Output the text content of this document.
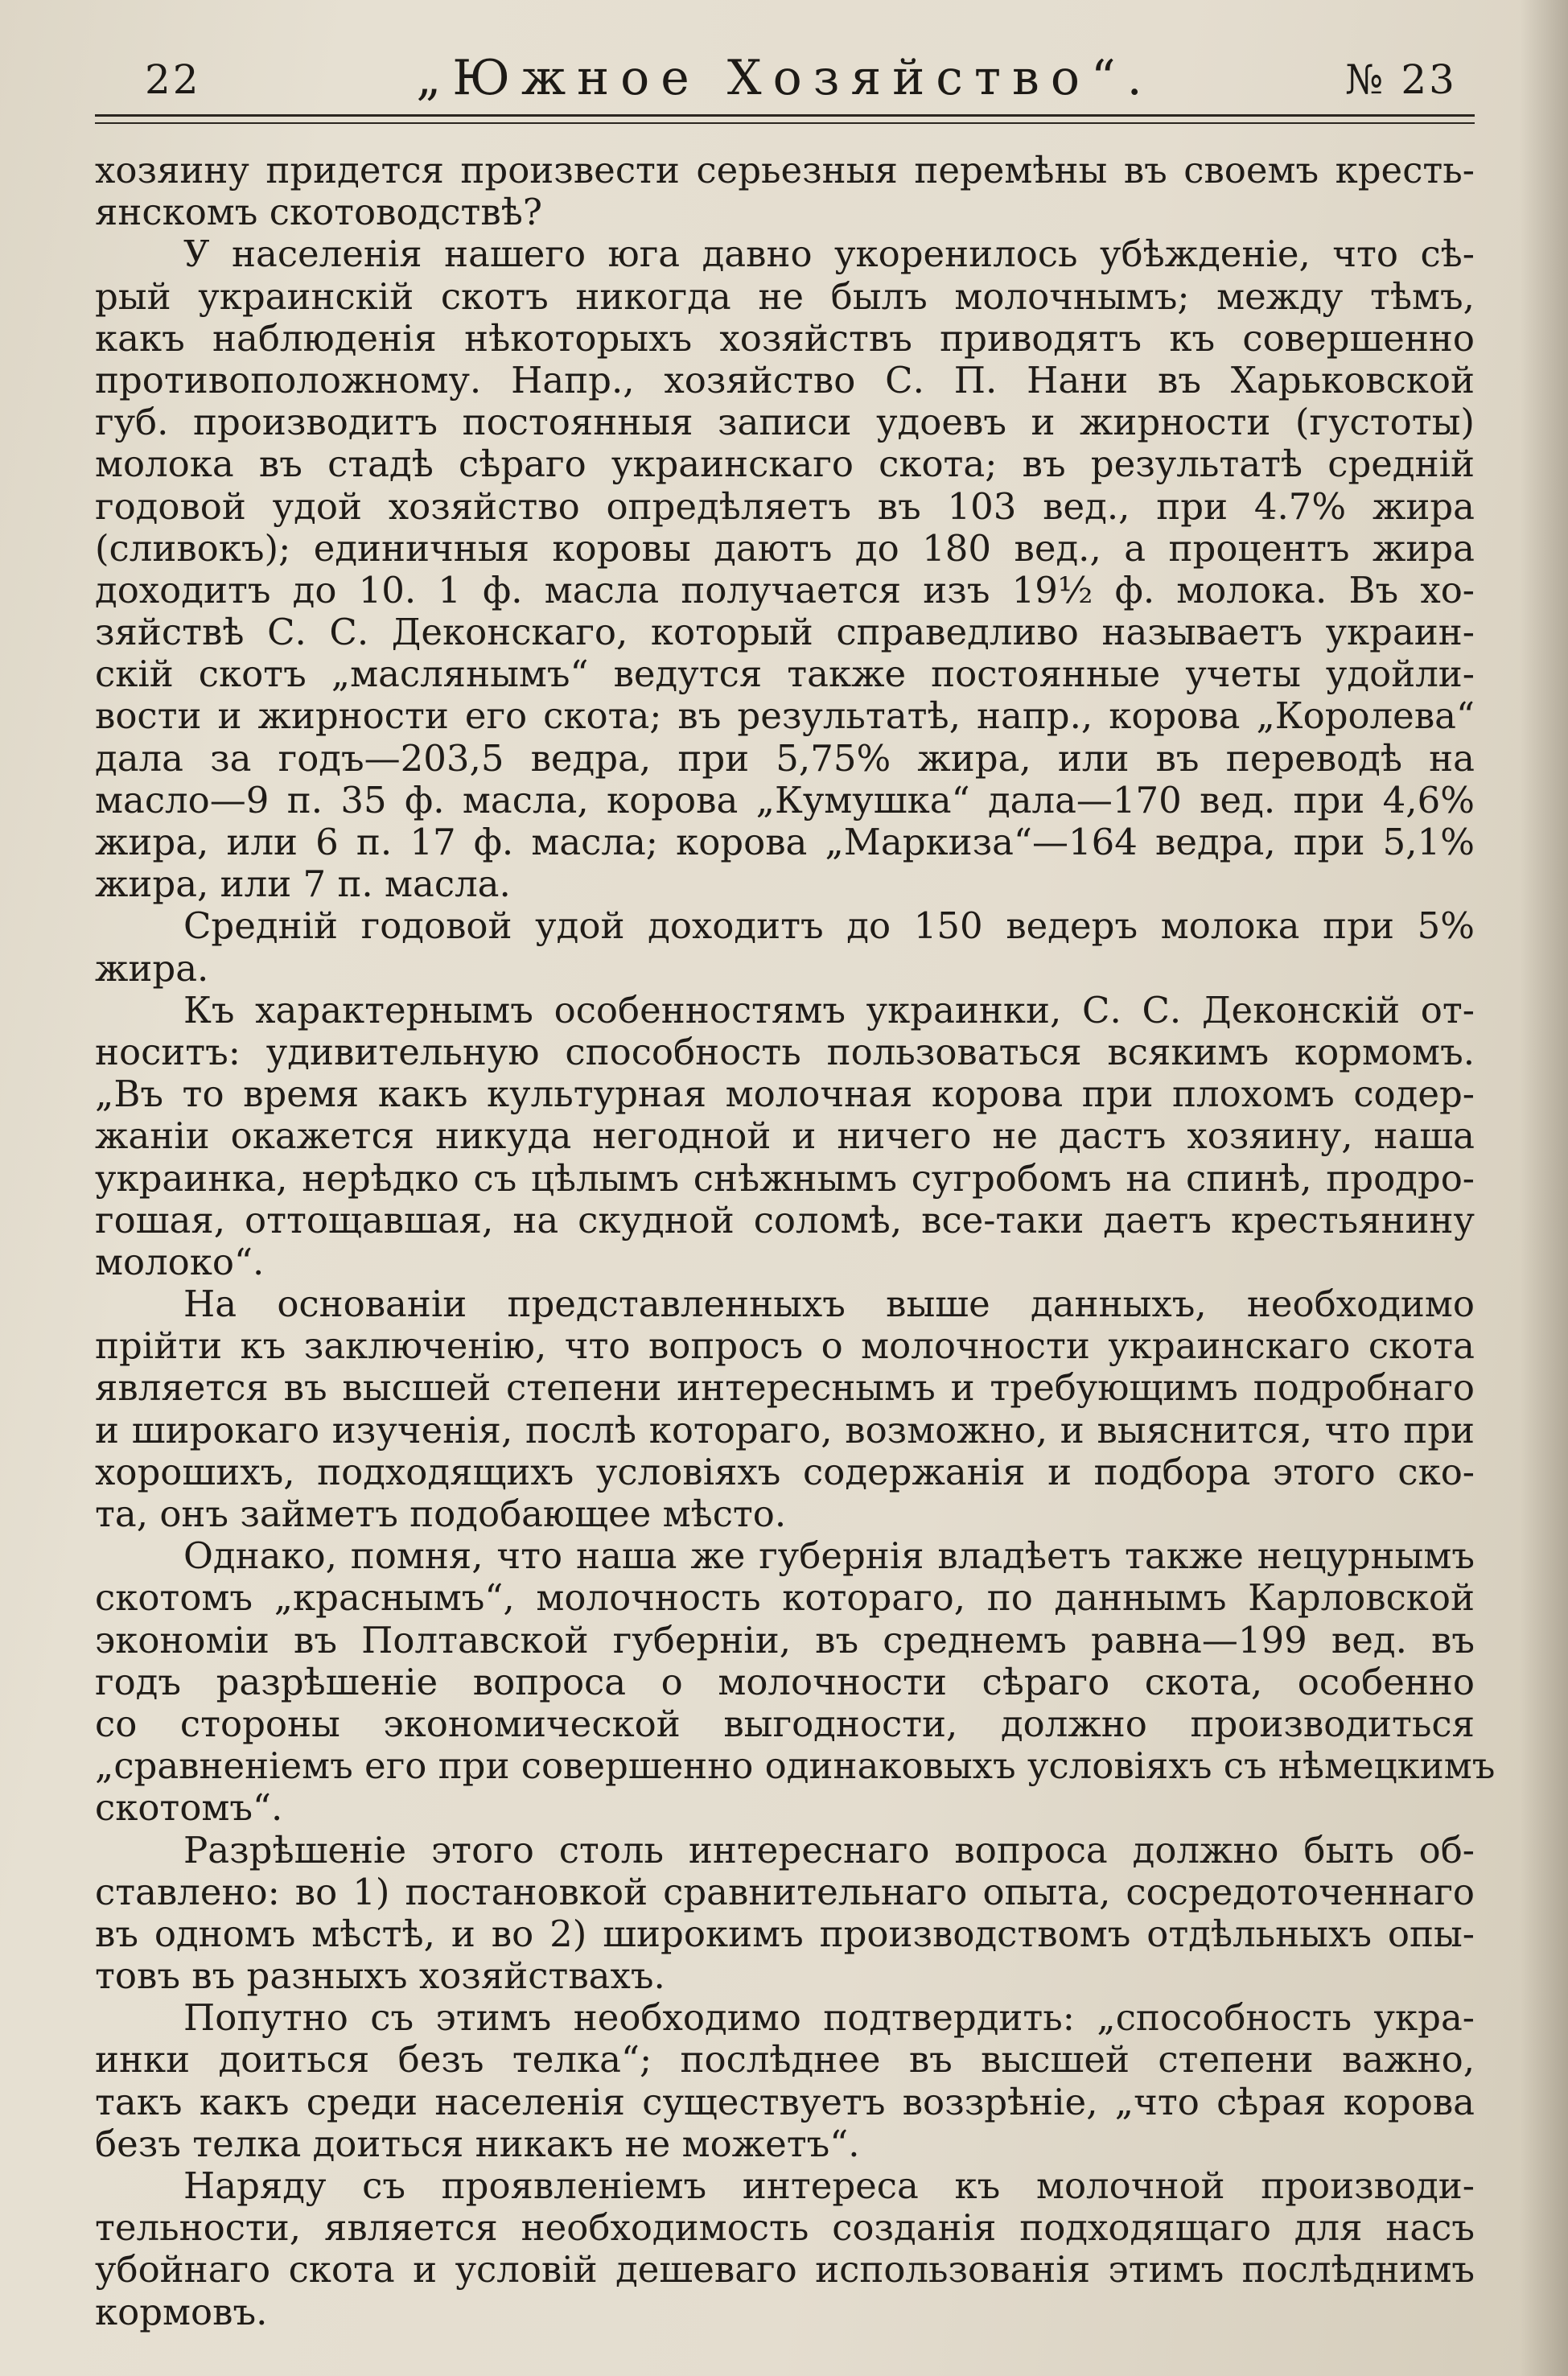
22	„Южное Хозяйство“.	№ 23
хозяину придется произвести серьезныя перемѣны въ своемъ кресть-
янскомъ скотоводствѣ?
У населенія нашего юга давно укоренилось убѣжденіе, что сѣ-
рый украинскій скотъ никогда не былъ молочнымъ; между тѣмъ,
какъ наблюденія нѣкоторыхъ хозяйствъ приводятъ къ совершенно
противоположному. Напр., хозяйство С. П. Нани въ Харьковской
губ. производитъ постоянныя записи удоевъ и жирности (густоты)
молока въ стадѣ сѣраго украинскаго скота; въ результатѣ средній
годовой удой хозяйство опредѣляетъ въ 103 вед., при 4.7% жира
(сливокъ); единичныя коровы даютъ до 180 вед., а процентъ жира
доходитъ до 10. 1 ф. масла получается изъ 19½ ф. молока. Въ хо-
зяйствѣ С. С. Деконскаго, который справедливо называетъ украин-
скій скотъ „маслянымъ“ ведутся также постоянные учеты удойли-
вости и жирности его скота; въ результатѣ, напр., корова „Королева“
дала за годъ—203,5 ведра, при 5,75% жира, или въ переводѣ на
масло—9 п. 35 ф. масла, корова „Кумушка“ дала—170 вед. при 4,6%
жира, или 6 п. 17 ф. масла; корова „Маркиза“—164 ведра, при 5,1%
жира, или 7 п. масла.
Средній годовой удой доходитъ до 150 ведеръ молока при 5%
жира.
Къ характернымъ особенностямъ украинки, С. С. Деконскій от-
носитъ: удивительную способность пользоваться всякимъ кормомъ.
„Въ то время какъ культурная молочная корова при плохомъ содер-
жаніи окажется никуда негодной и ничего не дастъ хозяину, наша
украинка, нерѣдко съ цѣлымъ снѣжнымъ сугробомъ на спинѣ, продро-
гошая, оттощавшая, на скудной соломѣ, все-таки даетъ крестьянину
молоко“.
На основаніи представленныхъ выше данныхъ, необходимо
прійти къ заключенію, что вопросъ о молочности украинскаго скота
является въ высшей степени интереснымъ и требующимъ подробнаго
и широкаго изученія, послѣ котораго, возможно, и выяснится, что при
хорошихъ, подходящихъ условіяхъ содержанія и подбора этого ско-
та, онъ займетъ подобающее мѣсто.
Однако, помня, что наша же губернія владѣетъ также нецурнымъ
скотомъ „краснымъ“, молочность котораго, по даннымъ Карловской
экономіи въ Полтавской губерніи, въ среднемъ равна—199 вед. въ
годъ разрѣшеніе вопроса о молочности сѣраго скота, особенно
со стороны экономической выгодности, должно производиться
„сравненіемъ его при совершенно одинаковыхъ условіяхъ съ нѣмецкимъ
скотомъ“.
Разрѣшеніе этого столь интереснаго вопроса должно быть об-
ставлено: во 1) постановкой сравнительнаго опыта, сосредоточеннаго
въ одномъ мѣстѣ, и во 2) широкимъ производствомъ отдѣльныхъ опы-
товъ въ разныхъ хозяйствахъ.
Попутно съ этимъ необходимо подтвердить: „способность укра-
инки доиться безъ телка“; послѣднее въ высшей степени важно,
такъ какъ среди населенія существуетъ воззрѣніе, „что сѣрая корова
безъ телка доиться никакъ не можетъ“.
Наряду съ проявленіемъ интереса къ молочной производи-
тельности, является необходимость созданія подходящаго для насъ
убойнаго скота и условій дешеваго использованія этимъ послѣднимъ
кормовъ.
